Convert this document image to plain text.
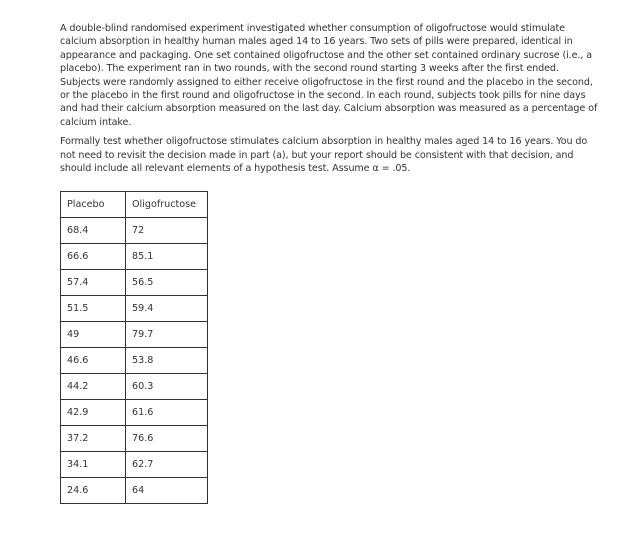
A double-blind randomised experiment investigated whether consumption of oligofructose would stimulate calcium absorption in healthy human males aged 14 to 16 years. Two sets of pills were prepared, identical in appearance and packaging. One set contained oligofructose and the other set contained ordinary sucrose (i.e., a placebo). The experiment ran in two rounds, with the second round starting 3 weeks after the first ended. Subjects were randomly assigned to either receive oligofructose in the first round and the placebo in the second, or the placebo in the first round and oligofructose in the second. In each round, subjects took pills for nine days and had their calcium absorption measured on the last day. Calcium absorption was measured as a percentage of calcium intake.

Formally test whether oligofructose stimulates calcium absorption in healthy males aged 14 to 16 years. You do not need to revisit the decision made in part (a), but your report should be consistent with that decision, and should include all relevant elements of a hypothesis test. Assume α = .05.

Placebo	Oligofructose
68.4	72
66.6	85.1
57.4	56.5
51.5	59.4
49	79.7
46.6	53.8
44.2	60.3
42.9	61.6
37.2	76.6
34.1	62.7
24.6	64
